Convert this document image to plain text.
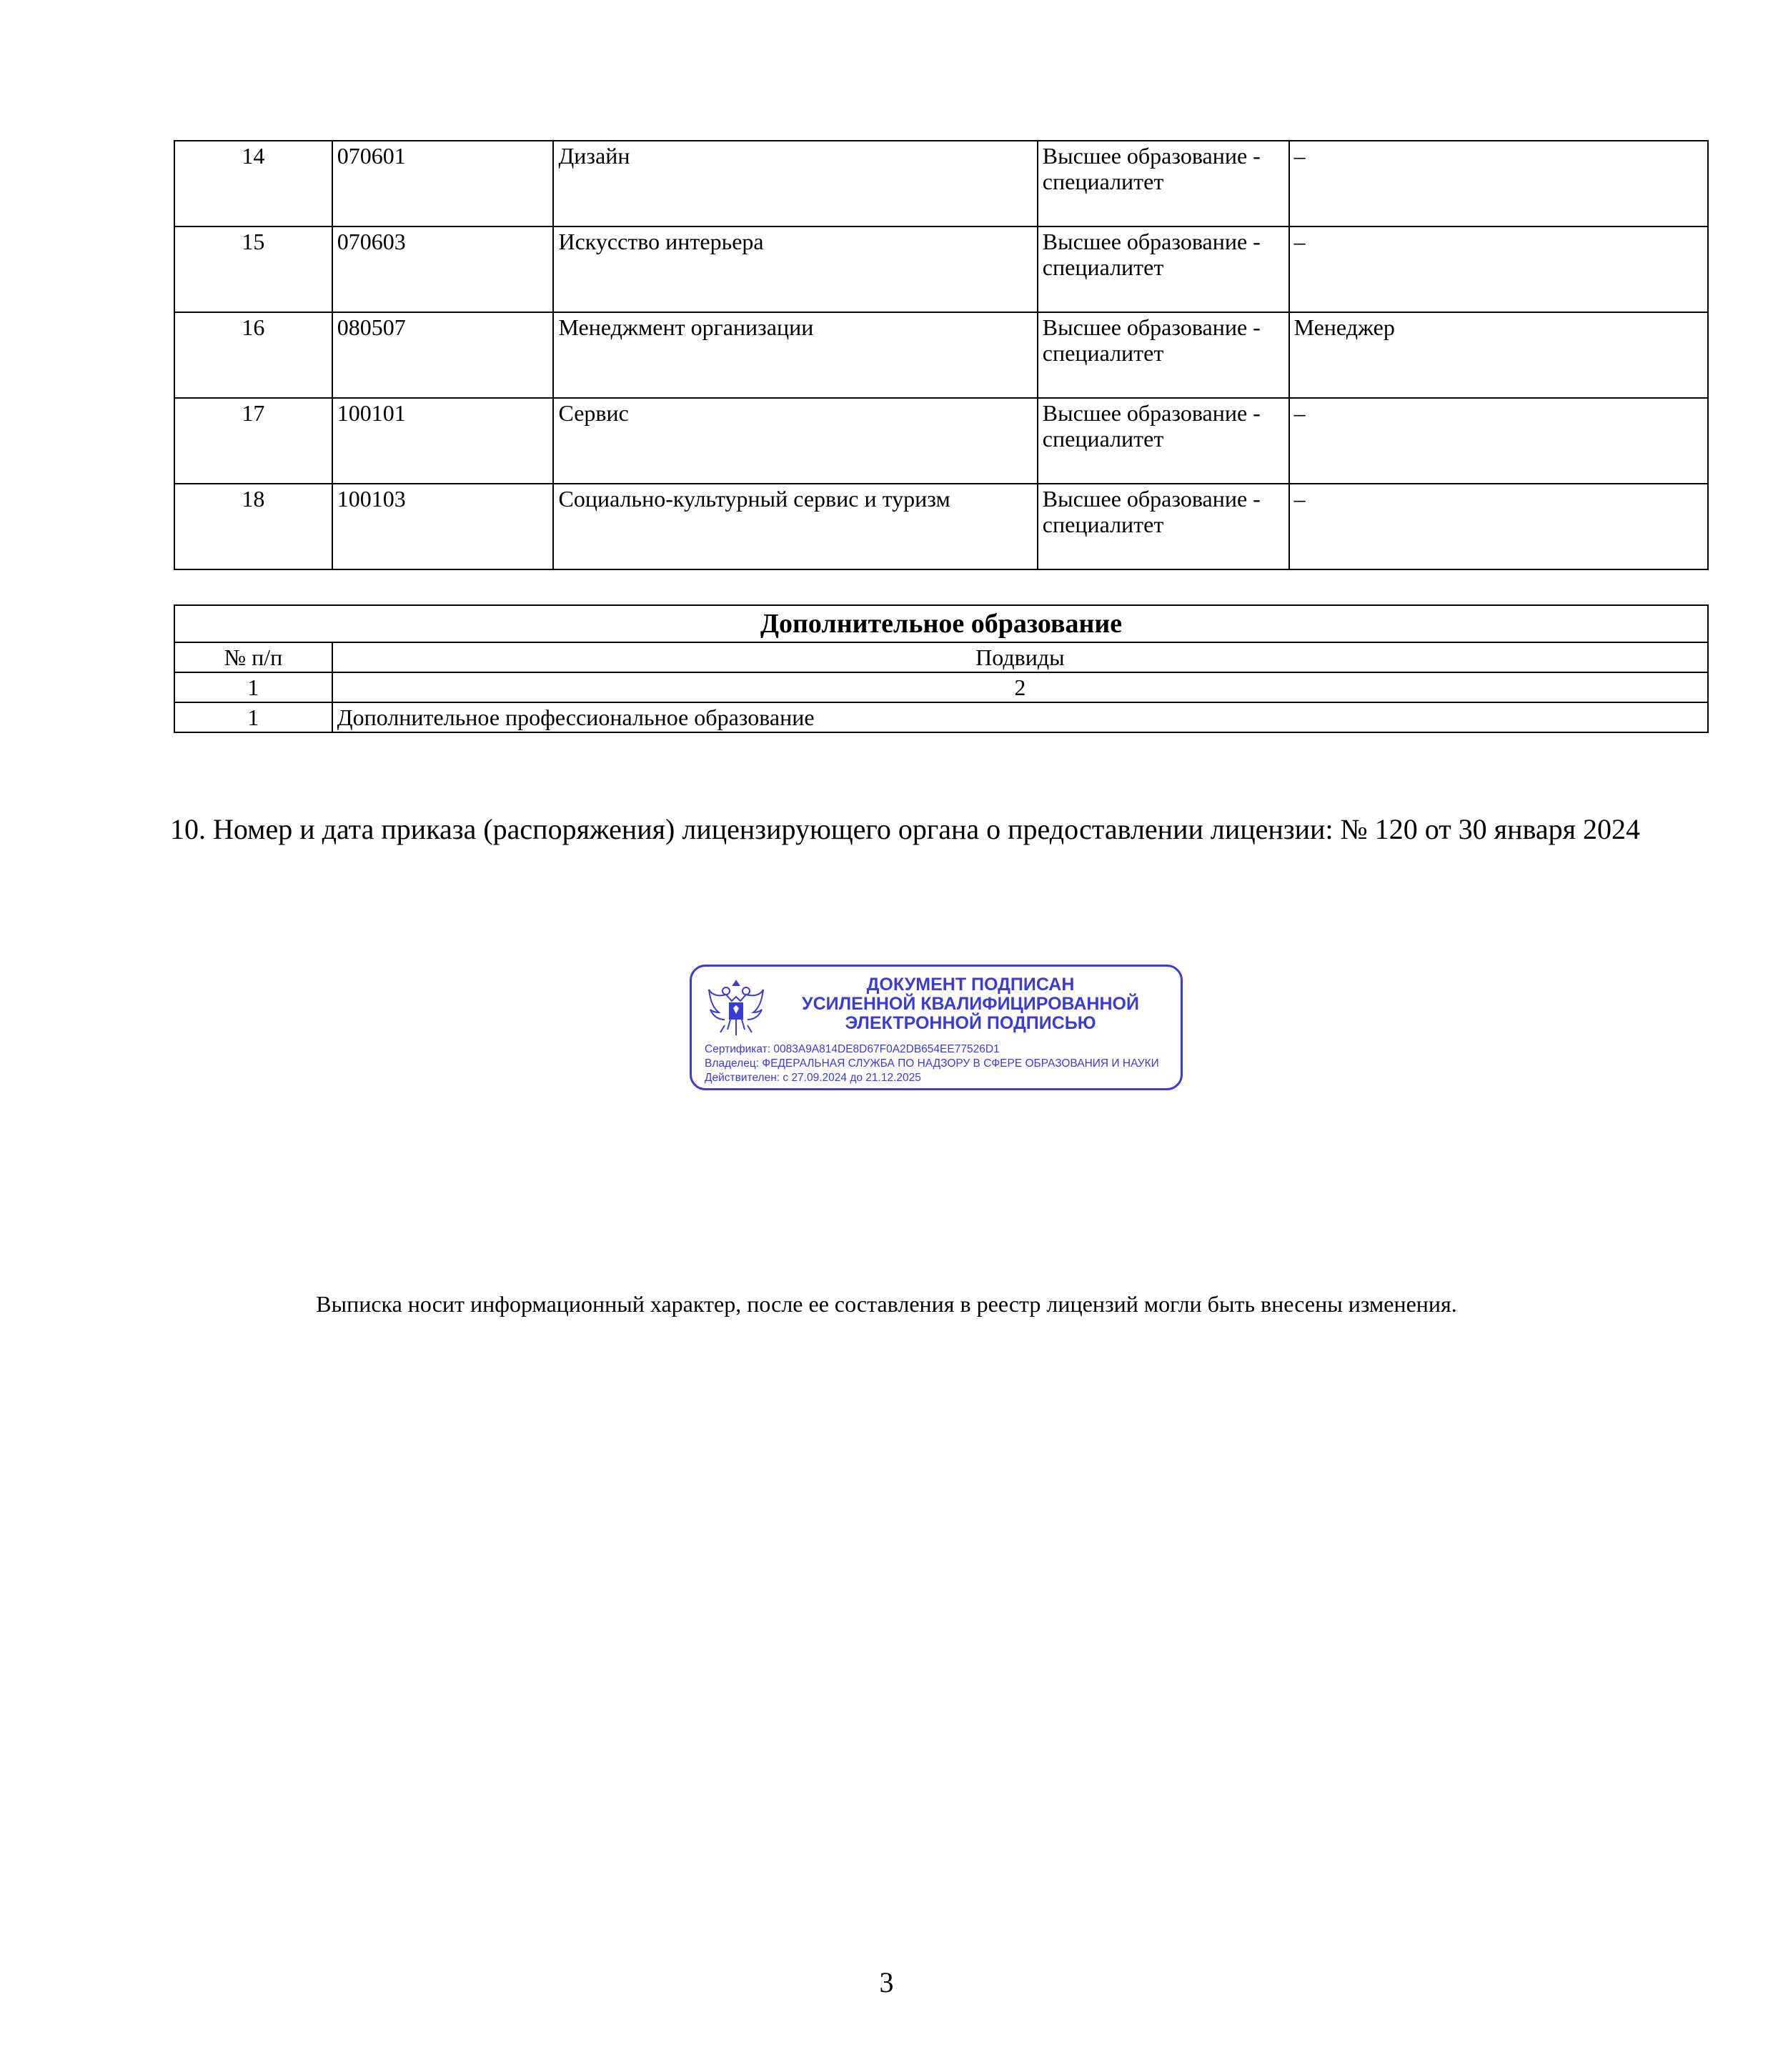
14	070601	Дизайн	Высшее образование - специалитет	–
15	070603	Искусство интерьера	Высшее образование - специалитет	–
16	080507	Менеджмент организации	Высшее образование - специалитет	Менеджер
17	100101	Сервис	Высшее образование - специалитет	–
18	100103	Социально-культурный сервис и туризм	Высшее образование - специалитет	–
Дополнительное образование	
№ п/п	Подвиды
1	2
1	Дополнительное профессиональное образование
10. Номер и дата приказа (распоряжения) лицензирующего органа о предоставлении лицензии: № 120 от 30 января 2024
ДОКУМЕНТ ПОДПИСАН
УСИЛЕННОЙ КВАЛИФИЦИРОВАННОЙ
ЭЛЕКТРОННОЙ ПОДПИСЬЮ
Сертификат: 0083A9A814DE8D67F0A2DB654EE77526D1
Владелец: ФЕДЕРАЛЬНАЯ СЛУЖБА ПО НАДЗОРУ В СФЕРЕ ОБРАЗОВАНИЯ И НАУКИ
Действителен: с 27.09.2024 до 21.12.2025
Выписка носит информационный характер, после ее составления в реестр лицензий могли быть внесены изменения.
3
